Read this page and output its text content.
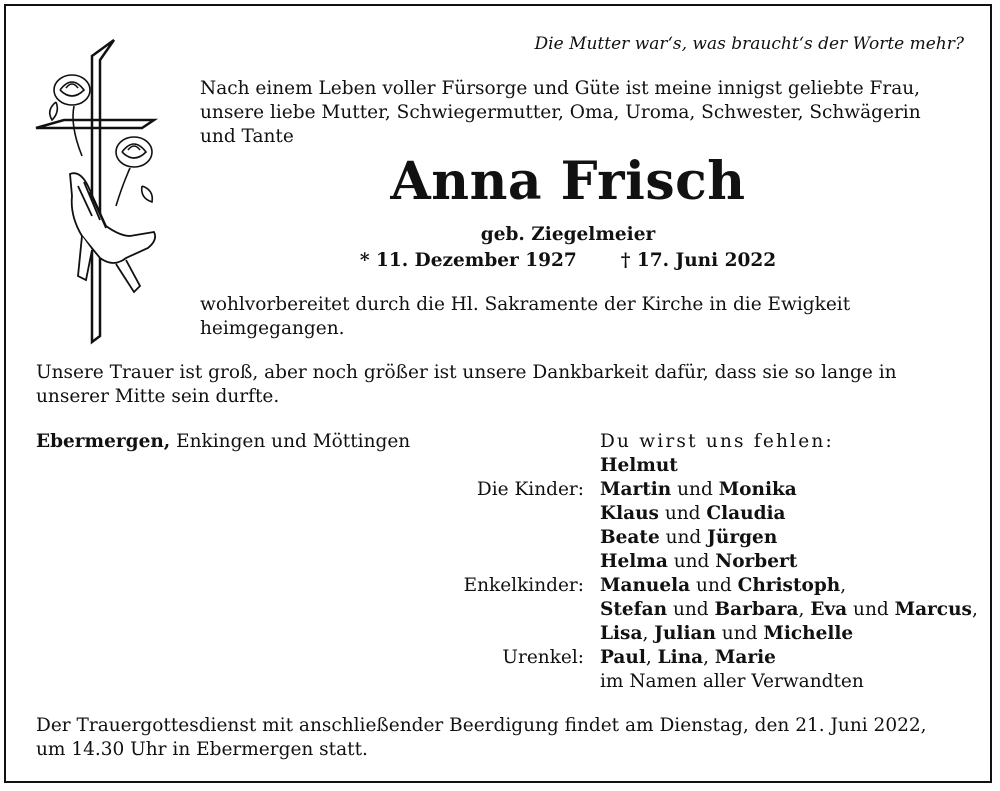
Die Mutter war‘s, was braucht‘s der Worte mehr?
Nach einem Leben voller Fürsorge und Güte ist meine innigst geliebte Frau,
unsere liebe Mutter, Schwiegermutter, Oma, Uroma, Schwester, Schwägerin
und Tante
Anna Frisch
geb. Ziegelmeier
* 11. Dezember 1927 † 17. Juni 2022
wohlvorbereitet durch die Hl. Sakramente der Kirche in die Ewigkeit
heimgegangen.
Unsere Trauer ist groß, aber noch größer ist unsere Dankbarkeit dafür, dass sie so lange in
unserer Mitte sein durfte.
Ebermergen, Enkingen und Möttingen	Du wirst uns fehlen:
Helmut
Die Kinder: Martin und Monika
Klaus und Claudia
Beate und Jürgen
Helma und Norbert
Enkelkinder: Manuela und Christoph,
Stefan und Barbara, Eva und Marcus,
Lisa, Julian und Michelle
Urenkel: Paul, Lina, Marie
im Namen aller Verwandten
Der Trauergottesdienst mit anschließender Beerdigung findet am Dienstag, den 21. Juni 2022,
um 14.30 Uhr in Ebermergen statt.
